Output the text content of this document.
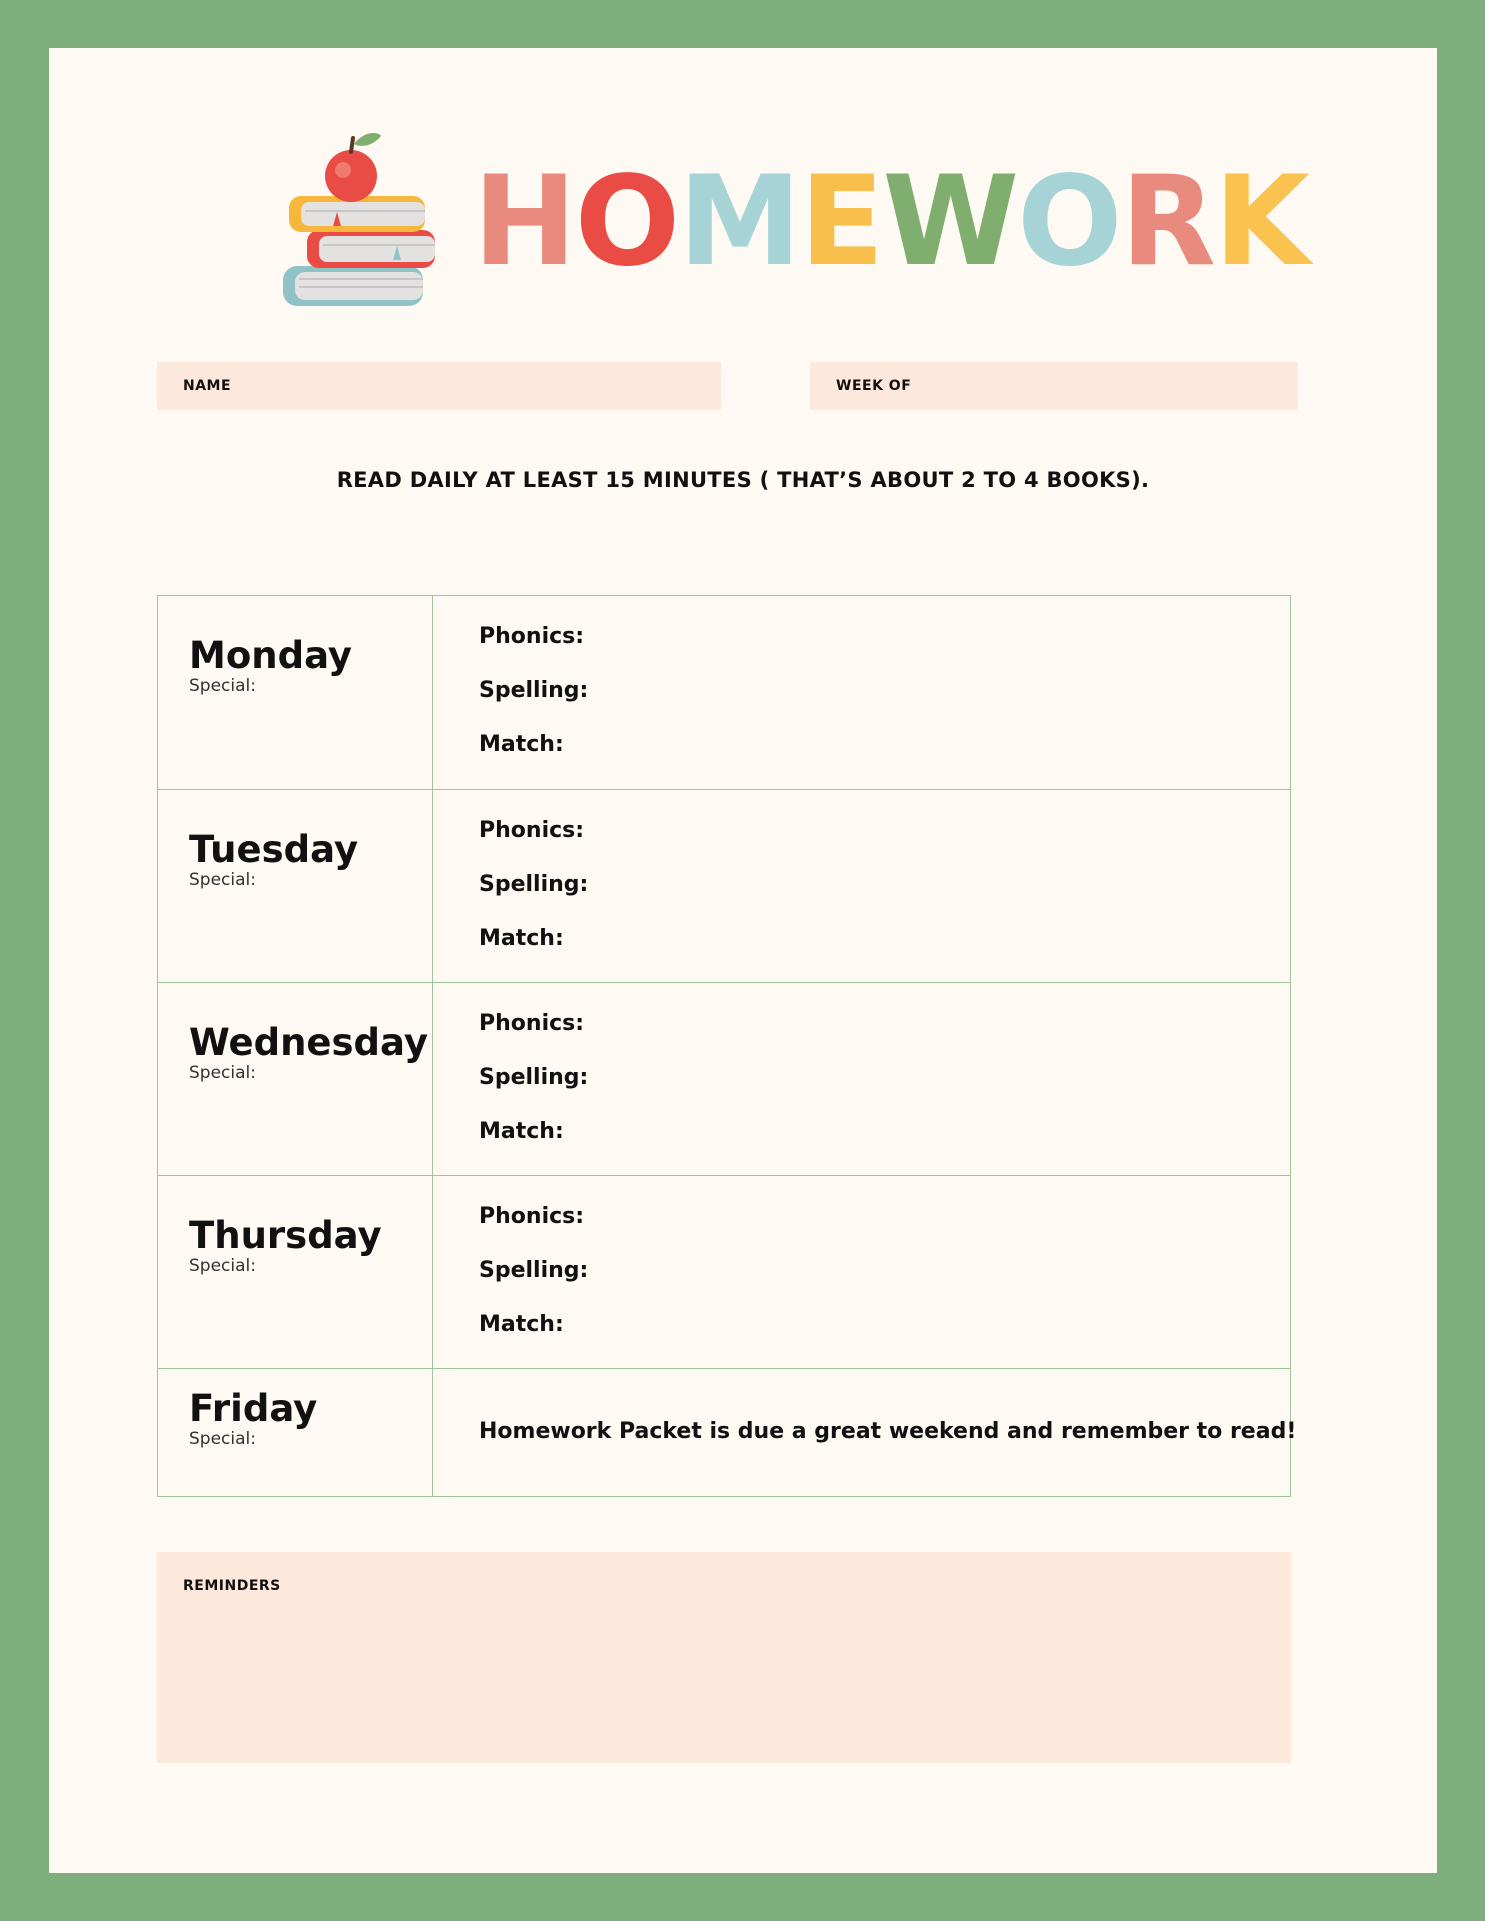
HOMEWORK
NAME	WEEK OF
READ DAILY AT LEAST 15 MINUTES ( THAT’S ABOUT 2 TO 4 BOOKS).
Monday
Special:
Phonics:
Spelling:
Match:
Tuesday
Special:
Phonics:
Spelling:
Match:
Wednesday
Special:
Phonics:
Spelling:
Match:
Thursday
Special:
Phonics:
Spelling:
Match:
Friday
Special:	Homework Packet is due a great weekend and remember to read!
REMINDERS
